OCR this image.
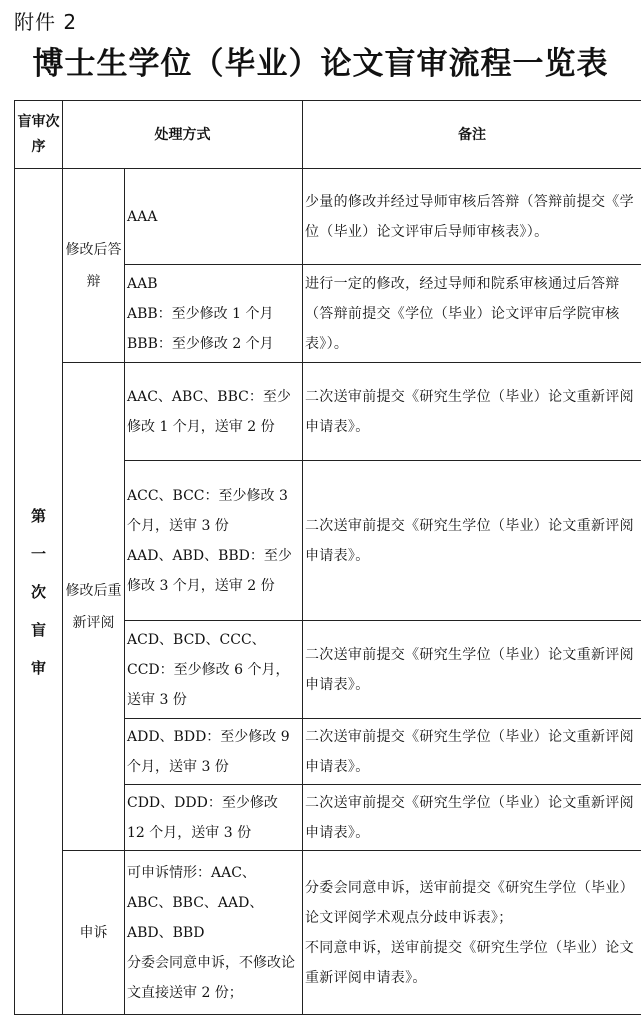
附件 2
博士生学位（毕业）论文盲审流程一览表
盲审次序	处理方式		备注

第一次盲审	修改后答辩	AAA	少量的修改并经过导师审核后答辩（答辩前提交《学位（毕业）论文评审后导师审核表》）。
		AAB
ABB：至少修改 1 个月
BBB：至少修改 2 个月	进行一定的修改，经过导师和院系审核通过后答辩（答辩前提交《学位（毕业）论文评审后学院审核表》）。
	修改后重新评阅	AAC、ABC、BBC：至少修改 1 个月，送审 2 份	二次送审前提交《研究生学位（毕业）论文重新评阅申请表》。
		ACC、BCC：至少修改 3 个月，送审 3 份
AAD、ABD、BBD：至少修改 3 个月，送审 2 份	二次送审前提交《研究生学位（毕业）论文重新评阅申请表》。
		ACD、BCD、CCC、CCD：至少修改 6 个月，送审 3 份	二次送审前提交《研究生学位（毕业）论文重新评阅申请表》。
		ADD、BDD：至少修改 9 个月，送审 3 份	二次送审前提交《研究生学位（毕业）论文重新评阅申请表》。
		CDD、DDD：至少修改 12 个月，送审 3 份	二次送审前提交《研究生学位（毕业）论文重新评阅申请表》。
	申诉	可申诉情形：AAC、ABC、BBC、AAD、ABD、BBD
分委会同意申诉，不修改论文直接送审 2 份；	分委会同意申诉，送审前提交《研究生学位（毕业）论文评阅学术观点分歧申诉表》；
不同意申诉，送审前提交《研究生学位（毕业）论文重新评阅申请表》。
